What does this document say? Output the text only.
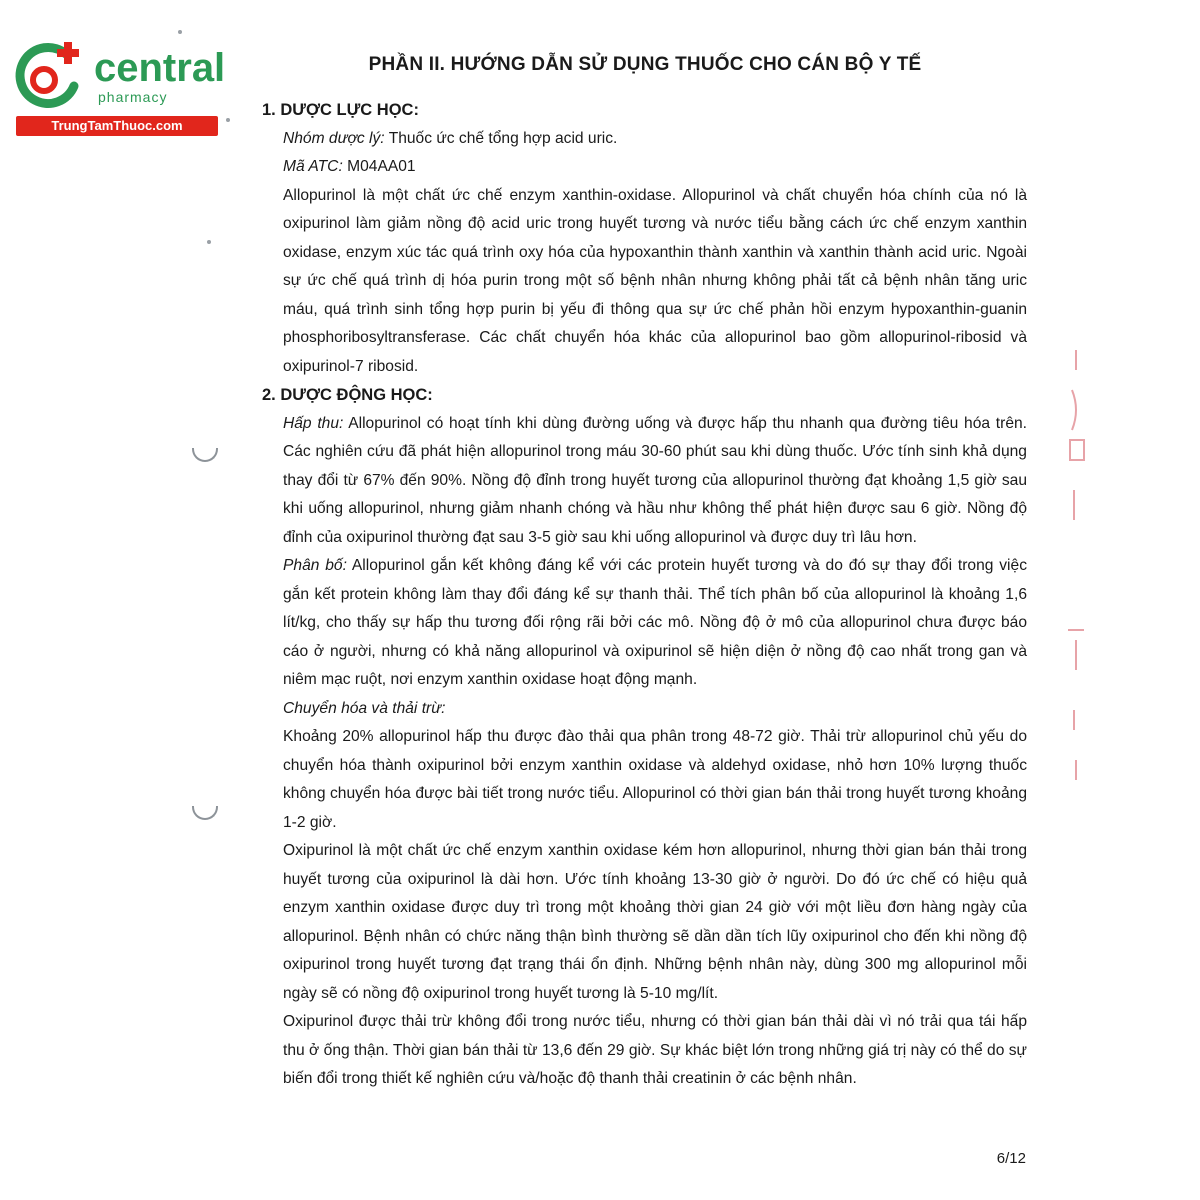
central
pharmacy
TrungTamThuoc.com
PHẦN II. HƯỚNG DẪN SỬ DỤNG THUỐC CHO CÁN BỘ Y TẾ

1. DƯỢC LỰC HỌC:

Nhóm dược lý: Thuốc ức chế tổng hợp acid uric.

Mã ATC: M04AA01

Allopurinol là một chất ức chế enzym xanthin-oxidase. Allopurinol và chất chuyển hóa chính của nó là oxipurinol làm giảm nồng độ acid uric trong huyết tương và nước tiểu bằng cách ức chế enzym xanthin oxidase, enzym xúc tác quá trình oxy hóa của hypoxanthin thành xanthin và xanthin thành acid uric. Ngoài sự ức chế quá trình dị hóa purin trong một số bệnh nhân nhưng không phải tất cả bệnh nhân tăng uric máu, quá trình sinh tổng hợp purin bị yếu đi thông qua sự ức chế phản hồi enzym hypoxanthin-guanin phosphoribosyltransferase. Các chất chuyển hóa khác của allopurinol bao gồm allopurinol-ribosid và oxipurinol-7 ribosid.

2. DƯỢC ĐỘNG HỌC:

Hấp thu: Allopurinol có hoạt tính khi dùng đường uống và được hấp thu nhanh qua đường tiêu hóa trên. Các nghiên cứu đã phát hiện allopurinol trong máu 30-60 phút sau khi dùng thuốc. Ước tính sinh khả dụng thay đổi từ 67% đến 90%. Nồng độ đỉnh trong huyết tương của allopurinol thường đạt khoảng 1,5 giờ sau khi uống allopurinol, nhưng giảm nhanh chóng và hầu như không thể phát hiện được sau 6 giờ. Nồng độ đỉnh của oxipurinol thường đạt sau 3-5 giờ sau khi uống allopurinol và được duy trì lâu hơn.

Phân bố: Allopurinol gắn kết không đáng kể với các protein huyết tương và do đó sự thay đổi trong việc gắn kết protein không làm thay đổi đáng kể sự thanh thải. Thể tích phân bố của allopurinol là khoảng 1,6 lít/kg, cho thấy sự hấp thu tương đối rộng rãi bởi các mô. Nồng độ ở mô của allopurinol chưa được báo cáo ở người, nhưng có khả năng allopurinol và oxipurinol sẽ hiện diện ở nồng độ cao nhất trong gan và niêm mạc ruột, nơi enzym xanthin oxidase hoạt động mạnh.

Chuyển hóa và thải trừ:

Khoảng 20% allopurinol hấp thu được đào thải qua phân trong 48-72 giờ. Thải trừ allopurinol chủ yếu do chuyển hóa thành oxipurinol bởi enzym xanthin oxidase và aldehyd oxidase, nhỏ hơn 10% lượng thuốc không chuyển hóa được bài tiết trong nước tiểu. Allopurinol có thời gian bán thải trong huyết tương khoảng 1-2 giờ.

Oxipurinol là một chất ức chế enzym xanthin oxidase kém hơn allopurinol, nhưng thời gian bán thải trong huyết tương của oxipurinol là dài hơn. Ước tính khoảng 13-30 giờ ở người. Do đó ức chế có hiệu quả enzym xanthin oxidase được duy trì trong một khoảng thời gian 24 giờ với một liều đơn hàng ngày của allopurinol. Bệnh nhân có chức năng thận bình thường sẽ dần dần tích lũy oxipurinol cho đến khi nồng độ oxipurinol trong huyết tương đạt trạng thái ổn định. Những bệnh nhân này, dùng 300 mg allopurinol mỗi ngày sẽ có nồng độ oxipurinol trong huyết tương là 5-10 mg/lít.

Oxipurinol được thải trừ không đổi trong nước tiểu, nhưng có thời gian bán thải dài vì nó trải qua tái hấp thu ở ống thận. Thời gian bán thải từ 13,6 đến 29 giờ. Sự khác biệt lớn trong những giá trị này có thể do sự biến đổi trong thiết kế nghiên cứu và/hoặc độ thanh thải creatinin ở các bệnh nhân.

6/12
